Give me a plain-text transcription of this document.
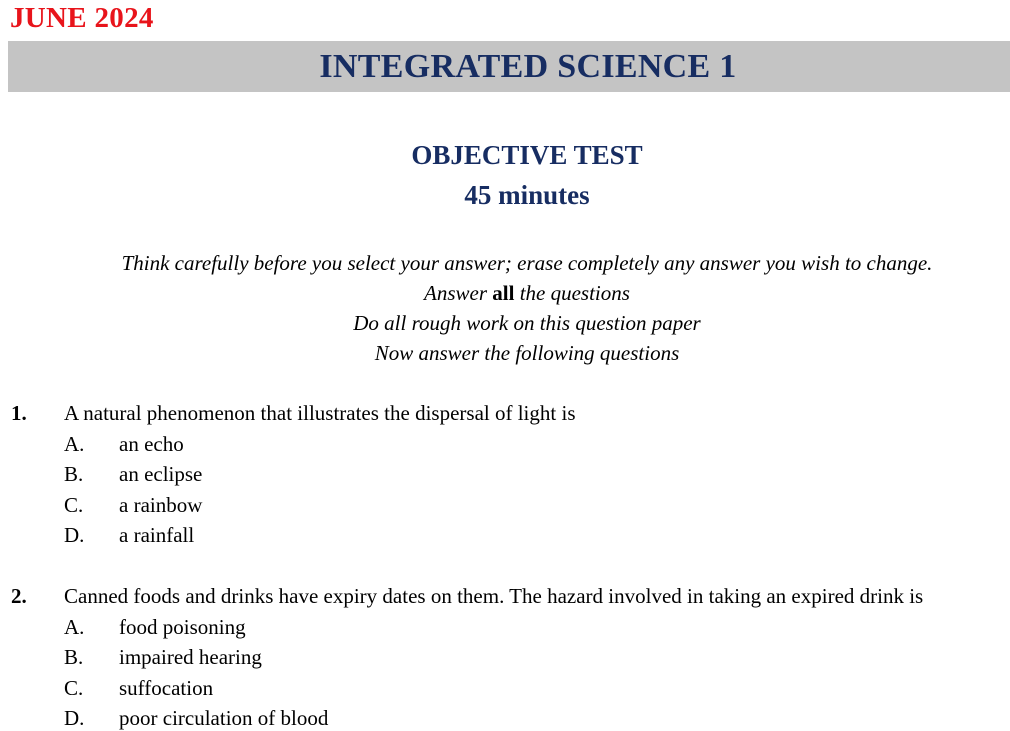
JUNE 2024
INTEGRATED SCIENCE 1
OBJECTIVE TEST
45 minutes
Think carefully before you select your answer; erase completely any answer you wish to change.
Answer all the questions
Do all rough work on this question paper
Now answer the following questions
1. A natural phenomenon that illustrates the dispersal of light is
A. an echo
B. an eclipse
C. a rainbow
D. a rainfall
2. Canned foods and drinks have expiry dates on them. The hazard involved in taking an expired drink is
A. food poisoning
B. impaired hearing
C. suffocation
D. poor circulation of blood
